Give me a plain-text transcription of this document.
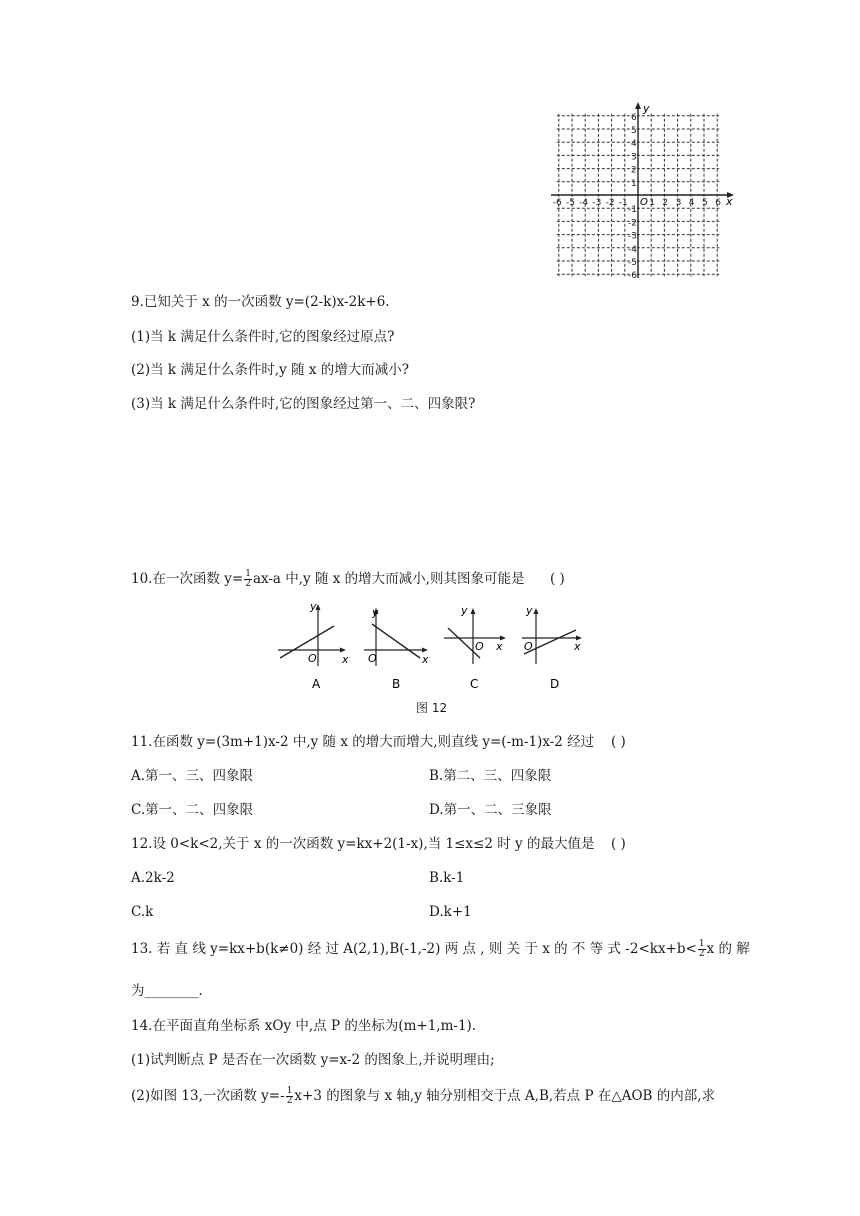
y
x
O
-6 -5 -4 -3 -2 -1 1 2 3 4 5 6
6
5
4
3
2
1
-1
-2
-3
-4
-5
-6
9.已知关于 x 的一次函数 y=(2-k)x-2k+6.
(1)当 k 满足什么条件时,它的图象经过原点?
(2)当 k 满足什么条件时,y 随 x 的增大而减小?
(3)当 k 满足什么条件时,它的图象经过第一、二、四象限?
10.在一次函数 $y= \frac{1}{2} ax-a$ 中,y 随 x 的增大而减小,则其图象可能是 ( )
y
x
O
A
y
x
O
B
y
x
O
C
y
x
O
D
图 12
11.在函数 y=(3m+1)x-2 中,y 随 x 的增大而增大,则直线 y=(-m-1)x-2 经过 ( )
A.第一、三、四象限	B.第二、三、四象限
C.第一、二、四象限	D.第一、二、三象限
12.设 0<k<2,关于 x 的一次函数 y=kx+2(1-x),当 1≤x≤2 时 y 的最大值是 ( )
A.2k-2	B.k-1
C.k	D.k+1
13. 若 直 线 y=kx+b(k≠0) 经 过 A(2,1),B(-1,-2) 两 点 , 则 关 于 x 的 不 等 式 $-2<kx+b< \frac{1}{2}$ x 的 解
为________.
14.在平面直角坐标系 xOy 中,点 P 的坐标为(m+1,m-1).
(1)试判断点 P 是否在一次函数 y=x-2 的图象上,并说明理由;
(2)如图 13,一次函数 $y=- \frac{1}{2} x+3$ 的图象与 x 轴,y 轴分别相交于点 A,B,若点 P 在△AOB 的内部,求
